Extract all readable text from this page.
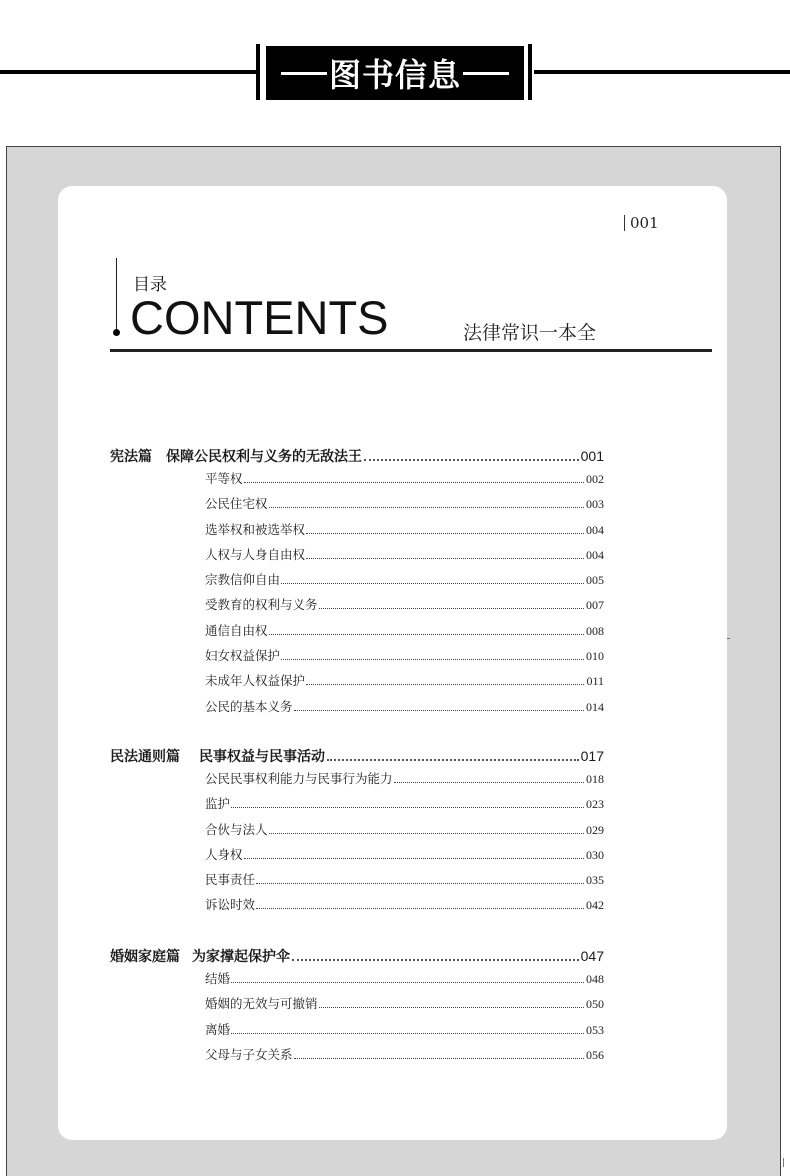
图书信息
001
目录
CONTENTS	法律常识一本全
宪法篇 保障公民权利与义务的无敌法王	001
平等权	002
公民住宅权	003
选举权和被选举权	004
人权与人身自由权	004
宗教信仰自由	005
受教育的权利与义务	007
通信自由权	008
妇女权益保护	010
未成年人权益保护	011
公民的基本义务	014
民法通则篇 民事权益与民事活动	017
公民民事权利能力与民事行为能力	018
监护	023
合伙与法人	029
人身权	030
民事责任	035
诉讼时效	042
婚姻家庭篇 为家撑起保护伞	047
结婚	048
婚姻的无效与可撤销	050
离婚	053
父母与子女关系	056
